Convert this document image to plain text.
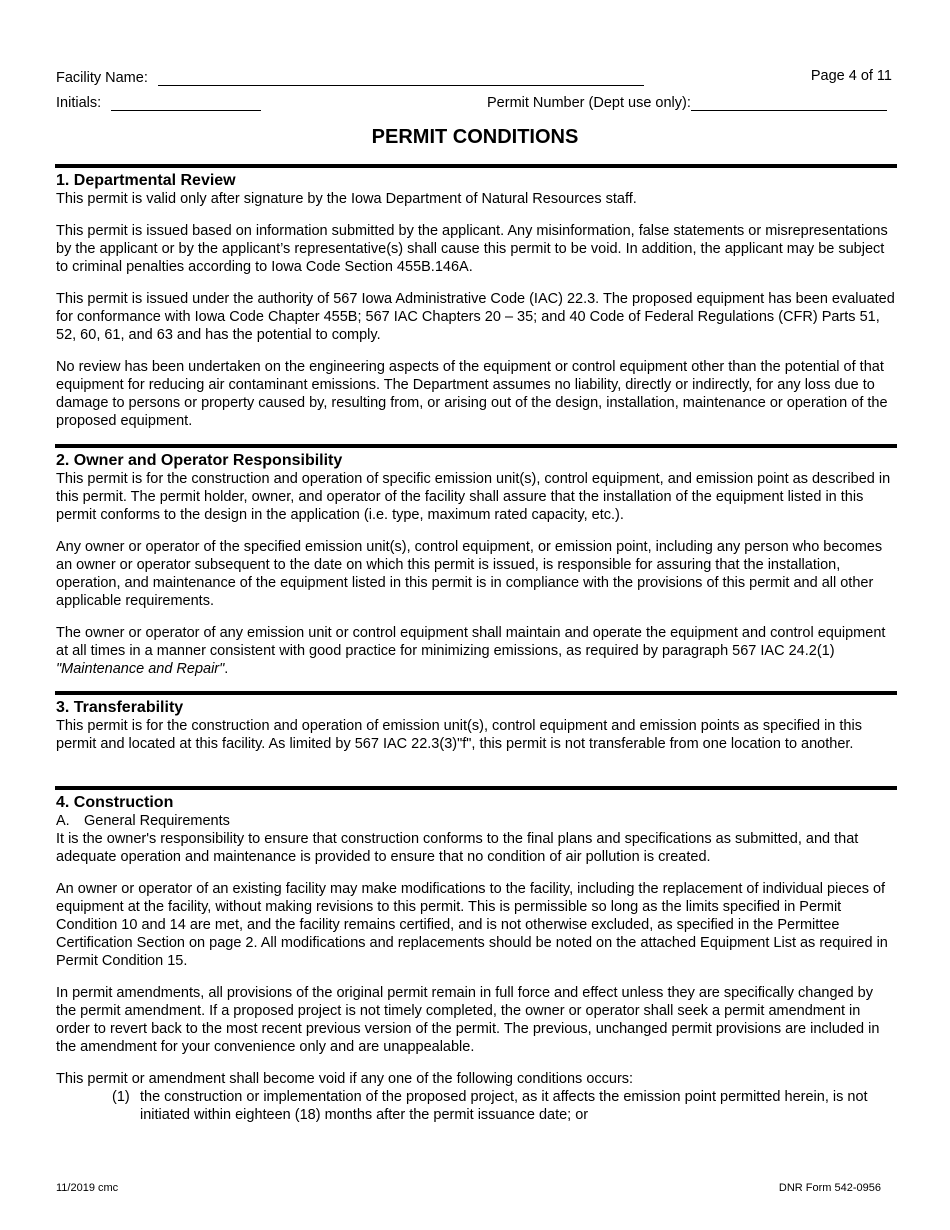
Facility Name:	Page 4 of 11
Initials:	Permit Number (Dept use only):
PERMIT CONDITIONS
1. Departmental Review

This permit is valid only after signature by the Iowa Department of Natural Resources staff.

This permit is issued based on information submitted by the applicant. Any misinformation, false statements or misrepresentations by the applicant or by the applicant’s representative(s) shall cause this permit to be void. In addition, the applicant may be subject to criminal penalties according to Iowa Code Section 455B.146A.

This permit is issued under the authority of 567 Iowa Administrative Code (IAC) 22.3. The proposed equipment has been evaluated for conformance with Iowa Code Chapter 455B; 567 IAC Chapters 20 – 35; and 40 Code of Federal Regulations (CFR) Parts 51, 52, 60, 61, and 63 and has the potential to comply.

No review has been undertaken on the engineering aspects of the equipment or control equipment other than the potential of that equipment for reducing air contaminant emissions. The Department assumes no liability, directly or indirectly, for any loss due to damage to persons or property caused by, resulting from, or arising out of the design, installation, maintenance or operation of the proposed equipment.

2. Owner and Operator Responsibility

This permit is for the construction and operation of specific emission unit(s), control equipment, and emission point as described in this permit. The permit holder, owner, and operator of the facility shall assure that the installation of the equipment listed in this permit conforms to the design in the application (i.e. type, maximum rated capacity, etc.).

Any owner or operator of the specified emission unit(s), control equipment, or emission point, including any person who becomes an owner or operator subsequent to the date on which this permit is issued, is responsible for assuring that the installation, operation, and maintenance of the equipment listed in this permit is in compliance with the provisions of this permit and all other applicable requirements.

The owner or operator of any emission unit or control equipment shall maintain and operate the equipment and control equipment at all times in a manner consistent with good practice for minimizing emissions, as required by paragraph 567 IAC 24.2(1) "Maintenance and Repair".

3. Transferability

This permit is for the construction and operation of emission unit(s), control equipment and emission points as specified in this permit and located at this facility. As limited by 567 IAC 22.3(3)"f", this permit is not transferable from one location to another.

4. Construction
A. General Requirements

It is the owner's responsibility to ensure that construction conforms to the final plans and specifications as submitted, and that adequate operation and maintenance is provided to ensure that no condition of air pollution is created.

An owner or operator of an existing facility may make modifications to the facility, including the replacement of individual pieces of equipment at the facility, without making revisions to this permit. This is permissible so long as the limits specified in Permit Condition 10 and 14 are met, and the facility remains certified, and is not otherwise excluded, as specified in the Permittee Certification Section on page 2. All modifications and replacements should be noted on the attached Equipment List as required in Permit Condition 15.

In permit amendments, all provisions of the original permit remain in full force and effect unless they are specifically changed by the permit amendment. If a proposed project is not timely completed, the owner or operator shall seek a permit amendment in order to revert back to the most recent previous version of the permit. The previous, unchanged permit provisions are included in the amendment for your convenience only and are unappealable.

This permit or amendment shall become void if any one of the following conditions occurs:

(1) the construction or implementation of the proposed project, as it affects the emission point permitted herein, is not initiated within eighteen (18) months after the permit issuance date; or
11/2019 cmc	DNR Form 542-0956
